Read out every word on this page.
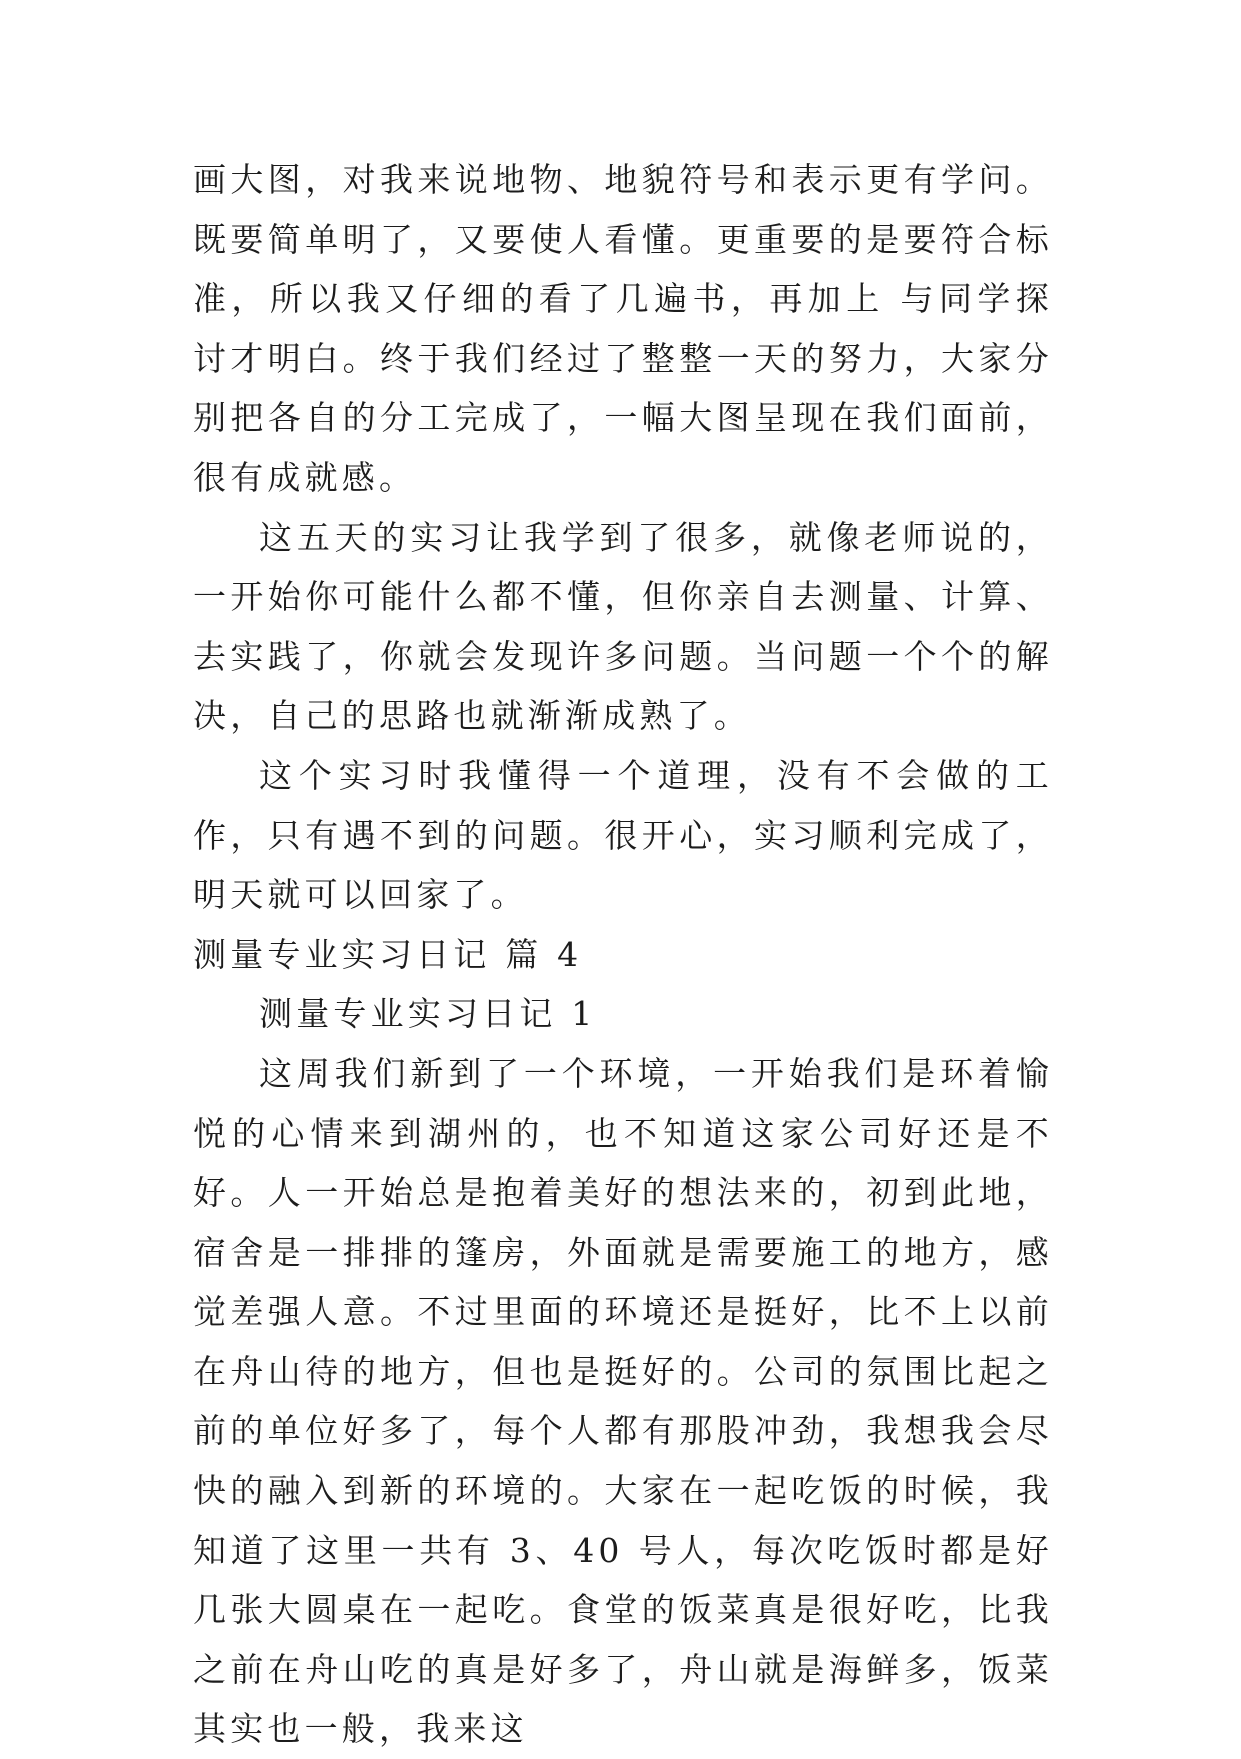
画大图，对我来说地物、地貌符号和表示更有学问。既要简单明了，又要使人看懂。更重要的是要符合标准，所以我又仔细的看了几遍书，再加上 与同学探讨才明白。终于我们经过了整整一天的努力，大家分别把各自的分工完成了，一幅大图呈现在我们面前，很有成就感。

这五天的实习让我学到了很多，就像老师说的，一开始你可能什么都不懂，但你亲自去测量、计算、去实践了，你就会发现许多问题。当问题一个个的解决，自己的思路也就渐渐成熟了。

这个实习时我懂得一个道理，没有不会做的工作，只有遇不到的问题。很开心，实习顺利完成了，明天就可以回家了。

测量专业实习日记 篇 4

测量专业实习日记 1

这周我们新到了一个环境，一开始我们是环着愉悦的心情来到湖州的，也不知道这家公司好还是不好。人一开始总是抱着美好的想法来的，初到此地，宿舍是一排排的篷房，外面就是需要施工的地方，感觉差强人意。不过里面的环境还是挺好，比不上以前在舟山待的地方，但也是挺好的。公司的氛围比起之前的单位好多了，每个人都有那股冲劲，我想我会尽快的融入到新的环境的。大家在一起吃饭的时候，我知道了这里一共有 3、40 号人，每次吃饭时都是好几张大圆桌在一起吃。食堂的饭菜真是很好吃，比我之前在舟山吃的真是好多了，舟山就是海鲜多，饭菜其实也一般，我来这
